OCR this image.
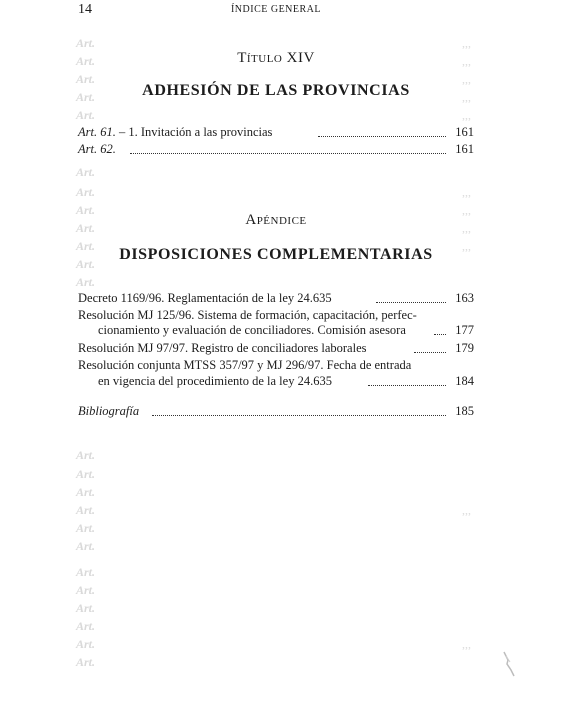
Art.
Art.
Art.
Art.
Art.
Art.
Art.
Art.
Art.
Art.
Art.
Art.
Art.
Art.
Art.
Art.
Art.
Art.
Art.
Art.
Art.
Art.
Art.
Art.
,,,
,,,
,,,
,,,
,,,
,,,
,,,
,,,
,,,
,,,
,,,

14	ÍNDICE GENERAL
Título XIV
ADHESIÓN DE LAS PROVINCIAS
Art. 61. – 1. Invitación a las provincias	161
Art. 62.	161
Apéndice
DISPOSICIONES COMPLEMENTARIAS
Decreto 1169/96. Reglamentación de la ley 24.635	163
Resolución MJ 125/96. Sistema de formación, capacitación, perfec-
cionamiento y evaluación de conciliadores. Comisión asesora	177
Resolución MJ 97/97. Registro de conciliadores laborales	179
Resolución conjunta MTSS 357/97 y MJ 296/97. Fecha de entrada
en vigencia del procedimiento de la ley 24.635	184
Bibliografía	185
